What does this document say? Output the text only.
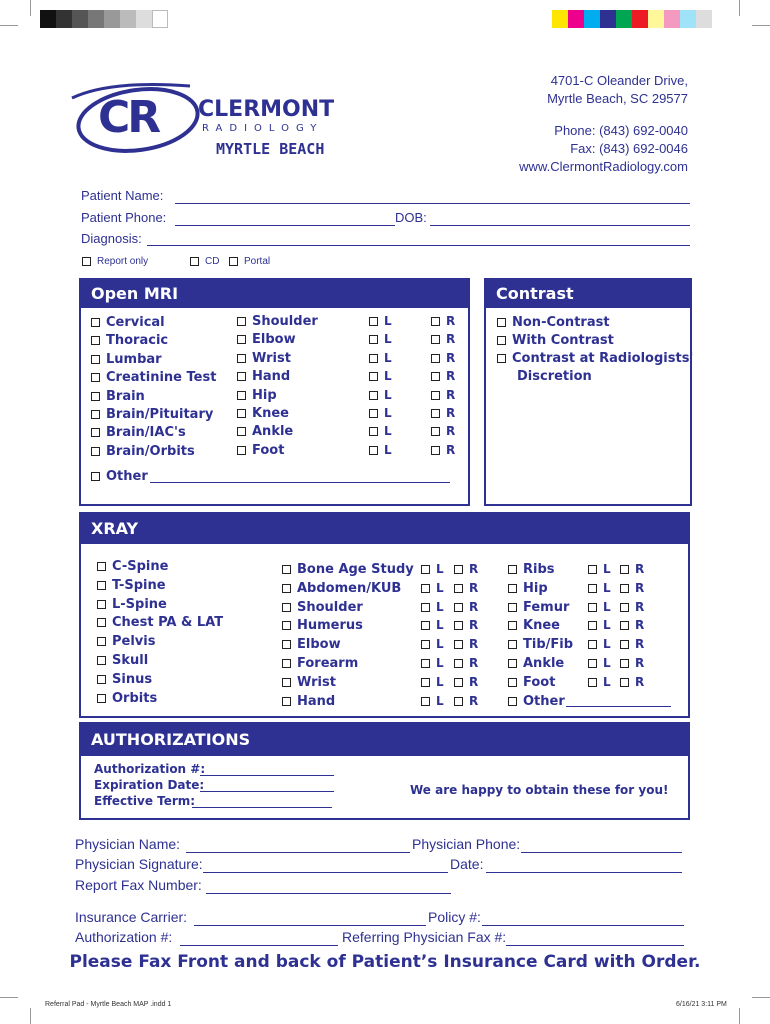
CR CLERMONT
RADIOLOGY
MYRTLE BEACH
4701-C Oleander Drive,
Myrtle Beach, SC 29577
Phone: (843) 692-0040
Fax: (843) 692-0046
www.ClermontRadiology.com
Patient Name:
Patient Phone:	DOB:
Diagnosis:
Report only	CD	Portal
Open MRI
Other
Contrast
Non-Contrast
With Contrast
Contrast at Radiologists'
Discretion
XRAY
AUTHORIZATIONS
Authorization #:
Expiration Date:
Effective Term:
We are happy to obtain these for you!
Physician Name:	Physician Phone:
Physician Signature:	Date:
Report Fax Number:
Insurance Carrier:	Policy #:
Authorization #:	Referring Physician Fax #:
Please Fax Front and back of Patient’s Insurance Card with Order.
Referral Pad - Myrtle Beach MAP .indd 1	6/16/21 3:11 PM
Cervical
Thoracic
Lumbar
Creatinine Test
Brain
Brain/Pituitary
Brain/IAC's
Brain/Orbits
Shoulder	L	R
Elbow	L	R
Wrist	L	R
Hand	L	R
Hip	L	R
Knee	L	R
Ankle	L	R
Foot	L	R
C-Spine
T-Spine
L-Spine
Chest PA & LAT
Pelvis
Skull
Sinus
Orbits
Bone Age Study	L	R
Abdomen/KUB	L	R
Shoulder	L	R
Humerus	L	R
Elbow	L	R
Forearm	L	R
Wrist	L	R
Hand	L	R
Ribs	L	R
Hip	L	R
Femur	L	R
Knee	L	R
Tib/Fib	L	R
Ankle	L	R
Foot	L	R
Other
